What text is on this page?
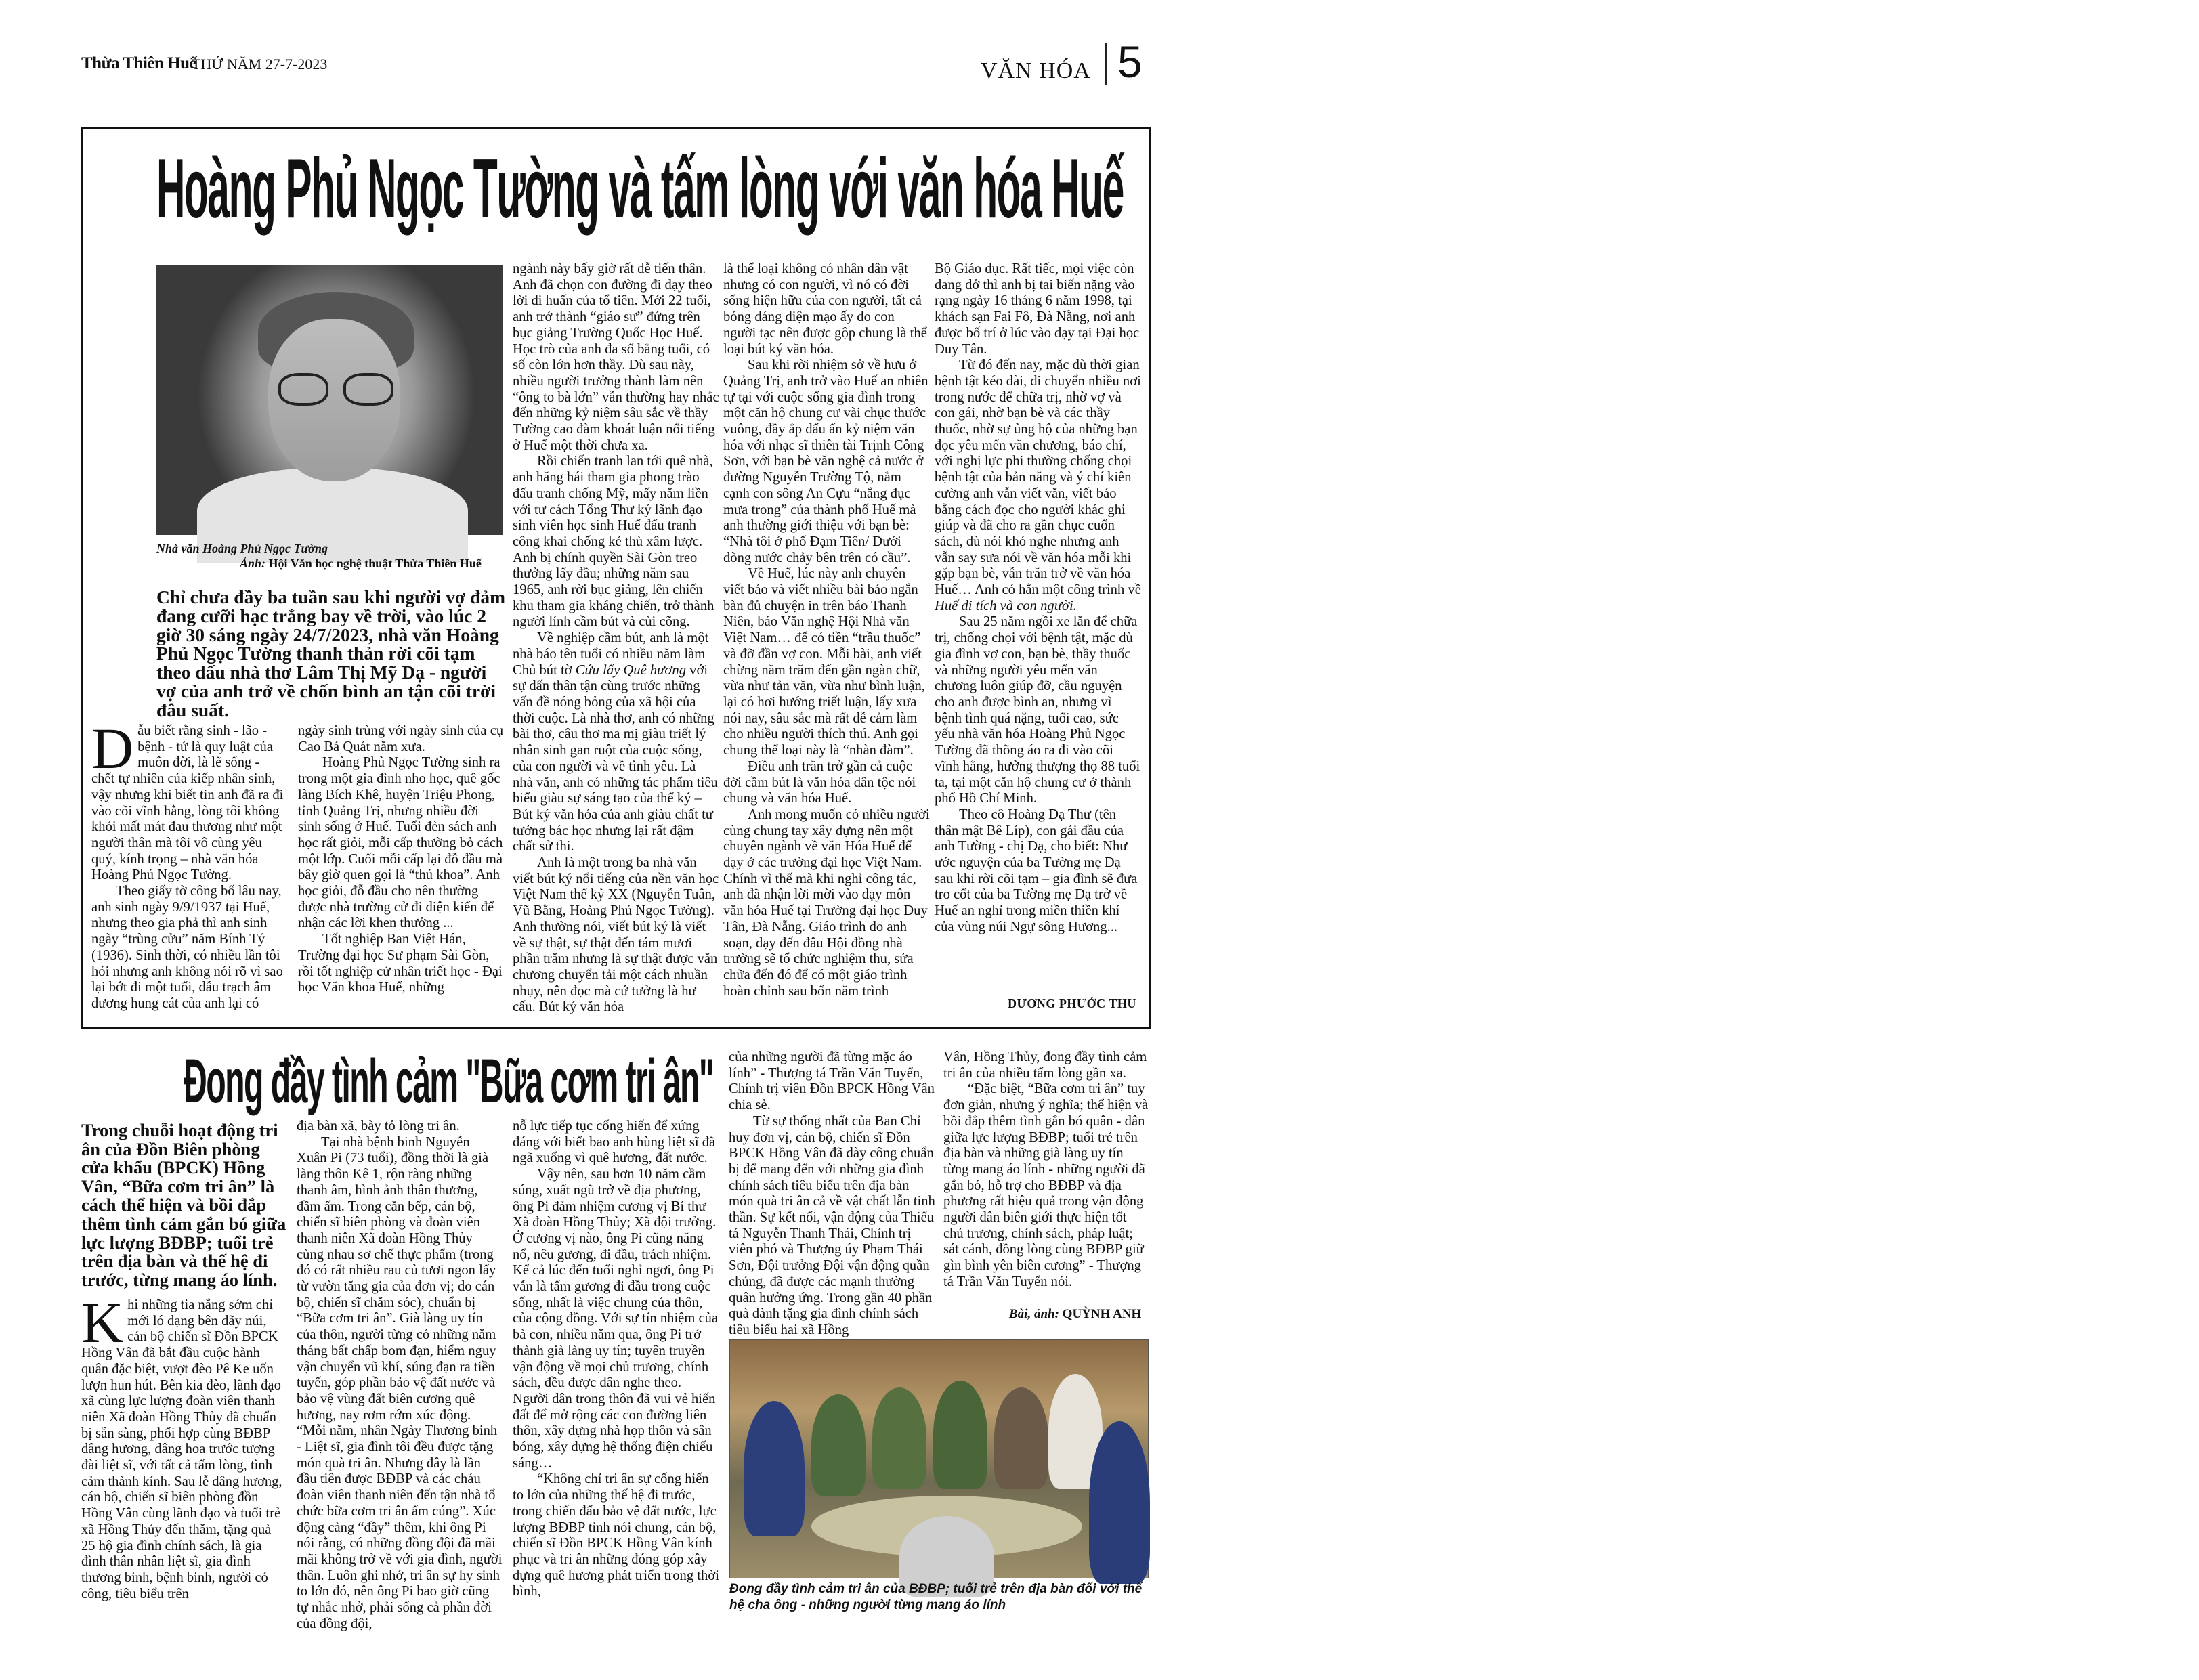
Thừa Thiên Huế
THỨ NĂM 27-7-2023	VĂN HÓA 5
Hoàng Phủ Ngọc Tường và tấm lòng với văn hóa Huế
Nhà văn Hoàng Phủ Ngọc Tường
Ảnh: Hội Văn học nghệ thuật Thừa Thiên Huế
Chỉ chưa đầy ba tuần sau khi người vợ đảm đang cưỡi hạc trắng bay về trời, vào lúc 2 giờ 30 sáng ngày 24/7/2023, nhà văn Hoàng Phủ Ngọc Tường thanh thản rời cõi tạm theo dấu nhà thơ Lâm Thị Mỹ Dạ - người vợ của anh trở về chốn bình an tận cõi trời đâu suất.

Dẫu biết rằng sinh - lão - bệnh - tử là quy luật của muôn đời, là lẽ sống - chết tự nhiên của kiếp nhân sinh, vậy nhưng khi biết tin anh đã ra đi vào cõi vĩnh hằng, lòng tôi không khỏi mất mát đau thương như một người thân mà tôi vô cùng yêu quý, kính trọng – nhà văn hóa Hoàng Phủ Ngọc Tường.

Theo giấy tờ công bố lâu nay, anh sinh ngày 9/9/1937 tại Huế, nhưng theo gia phả thì anh sinh ngày “trùng cửu” năm Bính Tý (1936). Sinh thời, có nhiều lần tôi hỏi nhưng anh không nói rõ vì sao lại bớt đi một tuổi, dẫu trạch âm dương hung cát của anh lại có

ngày sinh trùng với ngày sinh của cụ Cao Bá Quát năm xưa.

Hoàng Phủ Ngọc Tường sinh ra trong một gia đình nho học, quê gốc làng Bích Khê, huyện Triệu Phong, tỉnh Quảng Trị, nhưng nhiều đời sinh sống ở Huế. Tuổi đèn sách anh học rất giỏi, mỗi cấp thường bỏ cách một lớp. Cuối mỗi cấp lại đỗ đầu mà bây giờ quen gọi là “thủ khoa”. Anh học giỏi, đỗ đầu cho nên thường được nhà trường cử đi diện kiến để nhận các lời khen thưởng ...

Tốt nghiệp Ban Việt Hán, Trường đại học Sư phạm Sài Gòn, rồi tốt nghiệp cử nhân triết học - Đại học Văn khoa Huế, những

ngành này bấy giờ rất dễ tiến thân. Anh đã chọn con đường đi dạy theo lời di huấn của tổ tiên. Mới 22 tuổi, anh trở thành “giáo sư” đứng trên bục giảng Trường Quốc Học Huế. Học trò của anh đa số bằng tuổi, có số còn lớn hơn thầy. Dù sau này, nhiều người trưởng thành làm nên “ông to bà lớn” vẫn thường hay nhắc đến những kỷ niệm sâu sắc về thầy Tường cao đàm khoát luận nổi tiếng ở Huế một thời chưa xa.

Rồi chiến tranh lan tới quê nhà, anh hăng hái tham gia phong trào đấu tranh chống Mỹ, mấy năm liền với tư cách Tổng Thư ký lãnh đạo sinh viên học sinh Huế đấu tranh công khai chống kẻ thù xâm lược. Anh bị chính quyền Sài Gòn treo thưởng lấy đầu; những năm sau 1965, anh rời bục giảng, lên chiến khu tham gia kháng chiến, trở thành người lính cầm bút và cùi cõng.

Về nghiệp cầm bút, anh là một nhà báo tên tuổi có nhiều năm làm Chủ bút tờ Cứu lấy Quê hương với sự dấn thân tận cùng trước những vấn đề nóng bỏng của xã hội của thời cuộc. Là nhà thơ, anh có những bài thơ, câu thơ ma mị giàu triết lý nhân sinh gan ruột của cuộc sống, của con người và về tình yêu. Là nhà văn, anh có những tác phẩm tiêu biểu giàu sự sáng tạo của thể ký – Bút ký văn hóa của anh giàu chất tư tưởng bác học nhưng lại rất đậm chất sử thi.

Anh là một trong ba nhà văn viết bút ký nổi tiếng của nền văn học Việt Nam thế kỷ XX (Nguyễn Tuân, Vũ Bằng, Hoàng Phủ Ngọc Tường). Anh thường nói, viết bút ký là viết về sự thật, sự thật đến tám mươi phần trăm nhưng là sự thật được văn chương chuyển tải một cách nhuần nhụy, nên đọc mà cứ tưởng là hư cấu. Bút ký văn hóa

là thể loại không có nhân dân vật nhưng có con người, vì nó có đời sống hiện hữu của con người, tất cả bóng dáng diện mạo ấy do con người tạc nên được gộp chung là thể loại bút ký văn hóa.

Sau khi rời nhiệm sở về hưu ở Quảng Trị, anh trở vào Huế an nhiên tự tại với cuộc sống gia đình trong một căn hộ chung cư vài chục thước vuông, đầy ắp dấu ấn kỷ niệm văn hóa với nhạc sĩ thiên tài Trịnh Công Sơn, với bạn bè văn nghệ cả nước ở đường Nguyễn Trường Tộ, nằm cạnh con sông An Cựu “nắng đục mưa trong” của thành phố Huế mà anh thường giới thiệu với bạn bè: “Nhà tôi ở phố Đạm Tiên/ Dưới dòng nước chảy bên trên có cầu”.

Về Huế, lúc này anh chuyên viết báo và viết nhiều bài báo ngắn bàn đủ chuyện in trên báo Thanh Niên, báo Văn nghệ Hội Nhà văn Việt Nam… để có tiền “trầu thuốc” và đỡ đần vợ con. Mỗi bài, anh viết chừng năm trăm đến gần ngàn chữ, vừa như tản văn, vừa như bình luận, lại có hơi hướng triết luận, lấy xưa nói nay, sâu sắc mà rất dễ cảm làm cho nhiều người thích thú. Anh gọi chung thể loại này là “nhàn đàm”.

Điều anh trăn trở gần cả cuộc đời cầm bút là văn hóa dân tộc nói chung và văn hóa Huế.

Anh mong muốn có nhiều người cùng chung tay xây dựng nên một chuyên ngành về văn Hóa Huế để dạy ở các trường đại học Việt Nam. Chính vì thế mà khi nghỉ công tác, anh đã nhận lời mời vào dạy môn văn hóa Huế tại Trường đại học Duy Tân, Đà Nẵng. Giáo trình do anh soạn, dạy đến đâu Hội đồng nhà trường sẽ tổ chức nghiệm thu, sửa chữa đến đó để có một giáo trình hoàn chỉnh sau bốn năm trình

Bộ Giáo dục. Rất tiếc, mọi việc còn dang dở thì anh bị tai biến nặng vào rạng ngày 16 tháng 6 năm 1998, tại khách sạn Fai Fô, Đà Nẵng, nơi anh được bố trí ở lúc vào dạy tại Đại học Duy Tân.

Từ đó đến nay, mặc dù thời gian bệnh tật kéo dài, di chuyển nhiều nơi trong nước để chữa trị, nhờ vợ và con gái, nhờ bạn bè và các thầy thuốc, nhờ sự ủng hộ của những bạn đọc yêu mến văn chương, báo chí, với nghị lực phi thường chống chọi bệnh tật của bản năng và ý chí kiên cường anh vẫn viết văn, viết báo bằng cách đọc cho người khác ghi giúp và đã cho ra gần chục cuốn sách, dù nói khó nghe nhưng anh vẫn say sưa nói về văn hóa mỗi khi gặp bạn bè, vẫn trăn trở về văn hóa Huế… Anh có hẳn một công trình về Huế di tích và con người.

Sau 25 năm ngồi xe lăn để chữa trị, chống chọi với bệnh tật, mặc dù gia đình vợ con, bạn bè, thầy thuốc và những người yêu mến văn chương luôn giúp đỡ, cầu nguyện cho anh được bình an, nhưng vì bệnh tình quá nặng, tuổi cao, sức yếu nhà văn hóa Hoàng Phủ Ngọc Tường đã thõng áo ra đi vào cõi vĩnh hằng, hưởng thượng thọ 88 tuổi ta, tại một căn hộ chung cư ở thành phố Hồ Chí Minh.

Theo cô Hoàng Dạ Thư (tên thân mật Bê Líp), con gái đầu của anh Tường - chị Dạ, cho biết: Như ước nguyện của ba Tường mẹ Dạ sau khi rời cõi tạm – gia đình sẽ đưa tro cốt của ba Tường mẹ Dạ trở về Huế an nghỉ trong miền thiền khí của vùng núi Ngự sông Hương...

DƯƠNG PHƯỚC THU
Đong đầy tình cảm "Bữa cơm tri ân"
Trong chuỗi hoạt động tri ân của Đồn Biên phòng cửa khẩu (BPCK) Hồng Vân, “Bữa cơm tri ân” là cách thể hiện và bồi đắp thêm tình cảm gắn bó giữa lực lượng BĐBP; tuổi trẻ trên địa bàn và thế hệ đi trước, từng mang áo lính.

Khi những tia nắng sớm chỉ mới ló dạng bên dãy núi, cán bộ chiến sĩ Đồn BPCK Hồng Vân đã bắt đầu cuộc hành quân đặc biệt, vượt đèo Pê Ke uốn lượn hun hút. Bên kia đèo, lãnh đạo xã cùng lực lượng đoàn viên thanh niên Xã đoàn Hồng Thủy đã chuẩn bị sẵn sàng, phối hợp cùng BĐBP dâng hương, dâng hoa trước tượng đài liệt sĩ, với tất cả tấm lòng, tình cảm thành kính. Sau lễ dâng hương, cán bộ, chiến sĩ biên phòng đồn Hồng Vân cùng lãnh đạo và tuổi trẻ xã Hồng Thủy đến thăm, tặng quà 25 hộ gia đình chính sách, là gia đình thân nhân liệt sĩ, gia đình thương binh, bệnh binh, người có công, tiêu biểu trên

địa bàn xã, bày tỏ lòng tri ân.

Tại nhà bệnh binh Nguyễn Xuân Pi (73 tuổi), đồng thời là già làng thôn Kê 1, rộn ràng những thanh âm, hình ảnh thân thương, đầm ấm. Trong căn bếp, cán bộ, chiến sĩ biên phòng và đoàn viên thanh niên Xã đoàn Hồng Thủy cùng nhau sơ chế thực phẩm (trong đó có rất nhiều rau củ tươi ngon lấy từ vườn tăng gia của đơn vị; do cán bộ, chiến sĩ chăm sóc), chuẩn bị “Bữa cơm tri ân”. Già làng uy tín của thôn, người từng có những năm tháng bất chấp bom đạn, hiểm nguy vận chuyển vũ khí, súng đạn ra tiền tuyến, góp phần bảo vệ đất nước và bảo vệ vùng đất biên cương quê hương, nay rơm rớm xúc động. “Mỗi năm, nhân Ngày Thương binh - Liệt sĩ, gia đình tôi đều được tặng món quà tri ân. Nhưng đây là lần đầu tiên được BĐBP và các cháu đoàn viên thanh niên đến tận nhà tổ chức bữa cơm tri ân ấm cúng”. Xúc động càng “đầy” thêm, khi ông Pi nói rằng, có những đồng đội đã mãi mãi không trở về với gia đình, người thân. Luôn ghi nhớ, tri ân sự hy sinh to lớn đó, nên ông Pi bao giờ cũng tự nhắc nhở, phải sống cả phần đời của đồng đội,

nỗ lực tiếp tục cống hiến để xứng đáng với biết bao anh hùng liệt sĩ đã ngã xuống vì quê hương, đất nước.

Vậy nên, sau hơn 10 năm cầm súng, xuất ngũ trở về địa phương, ông Pi đảm nhiệm cương vị Bí thư Xã đoàn Hồng Thủy; Xã đội trưởng. Ở cương vị nào, ông Pi cũng năng nổ, nêu gương, đi đầu, trách nhiệm. Kể cả lúc đến tuổi nghỉ ngơi, ông Pi vẫn là tấm gương đi đầu trong cuộc sống, nhất là việc chung của thôn, của cộng đồng. Với sự tín nhiệm của bà con, nhiều năm qua, ông Pi trở thành già làng uy tín; tuyên truyền vận động về mọi chủ trương, chính sách, đều được dân nghe theo. Người dân trong thôn đã vui vẻ hiến đất để mở rộng các con đường liên thôn, xây dựng nhà họp thôn và sân bóng, xây dựng hệ thống điện chiếu sáng…

“Không chỉ tri ân sự cống hiến to lớn của những thế hệ đi trước, trong chiến đấu bảo vệ đất nước, lực lượng BĐBP tỉnh nói chung, cán bộ, chiến sĩ Đồn BPCK Hồng Vân kính phục và tri ân những đóng góp xây dựng quê hương phát triển trong thời bình,

của những người đã từng mặc áo lính” - Thượng tá Trần Văn Tuyển, Chính trị viên Đồn BPCK Hồng Vân chia sẻ.

Từ sự thống nhất của Ban Chỉ huy đơn vị, cán bộ, chiến sĩ Đồn BPCK Hồng Vân đã dày công chuẩn bị để mang đến với những gia đình chính sách tiêu biểu trên địa bàn món quà tri ân cả về vật chất lẫn tinh thần. Sự kết nối, vận động của Thiếu tá Nguyễn Thanh Thái, Chính trị viên phó và Thượng úy Phạm Thái Sơn, Đội trưởng Đội vận động quần chúng, đã được các mạnh thường quân hưởng ứng. Trong gần 40 phần quà dành tặng gia đình chính sách tiêu biểu hai xã Hồng

Vân, Hồng Thủy, đong đầy tình cảm tri ân của nhiều tấm lòng gần xa.

“Đặc biệt, “Bữa cơm tri ân” tuy đơn giản, nhưng ý nghĩa; thể hiện và bồi đắp thêm tình gắn bó quân - dân giữa lực lượng BĐBP; tuổi trẻ trên địa bàn và những già làng uy tín từng mang áo lính - những người đã gắn bó, hỗ trợ cho BĐBP và địa phương rất hiệu quả trong vận động người dân biên giới thực hiện tốt chủ trương, chính sách, pháp luật; sát cánh, đồng lòng cùng BĐBP giữ gìn bình yên biên cương” - Thượng tá Trần Văn Tuyển nói.

Bài, ảnh: QUỲNH ANH
Đong đầy tình cảm tri ân của BĐBP; tuổi trẻ trên địa bàn đối với thế hệ cha ông - những người từng mang áo lính
